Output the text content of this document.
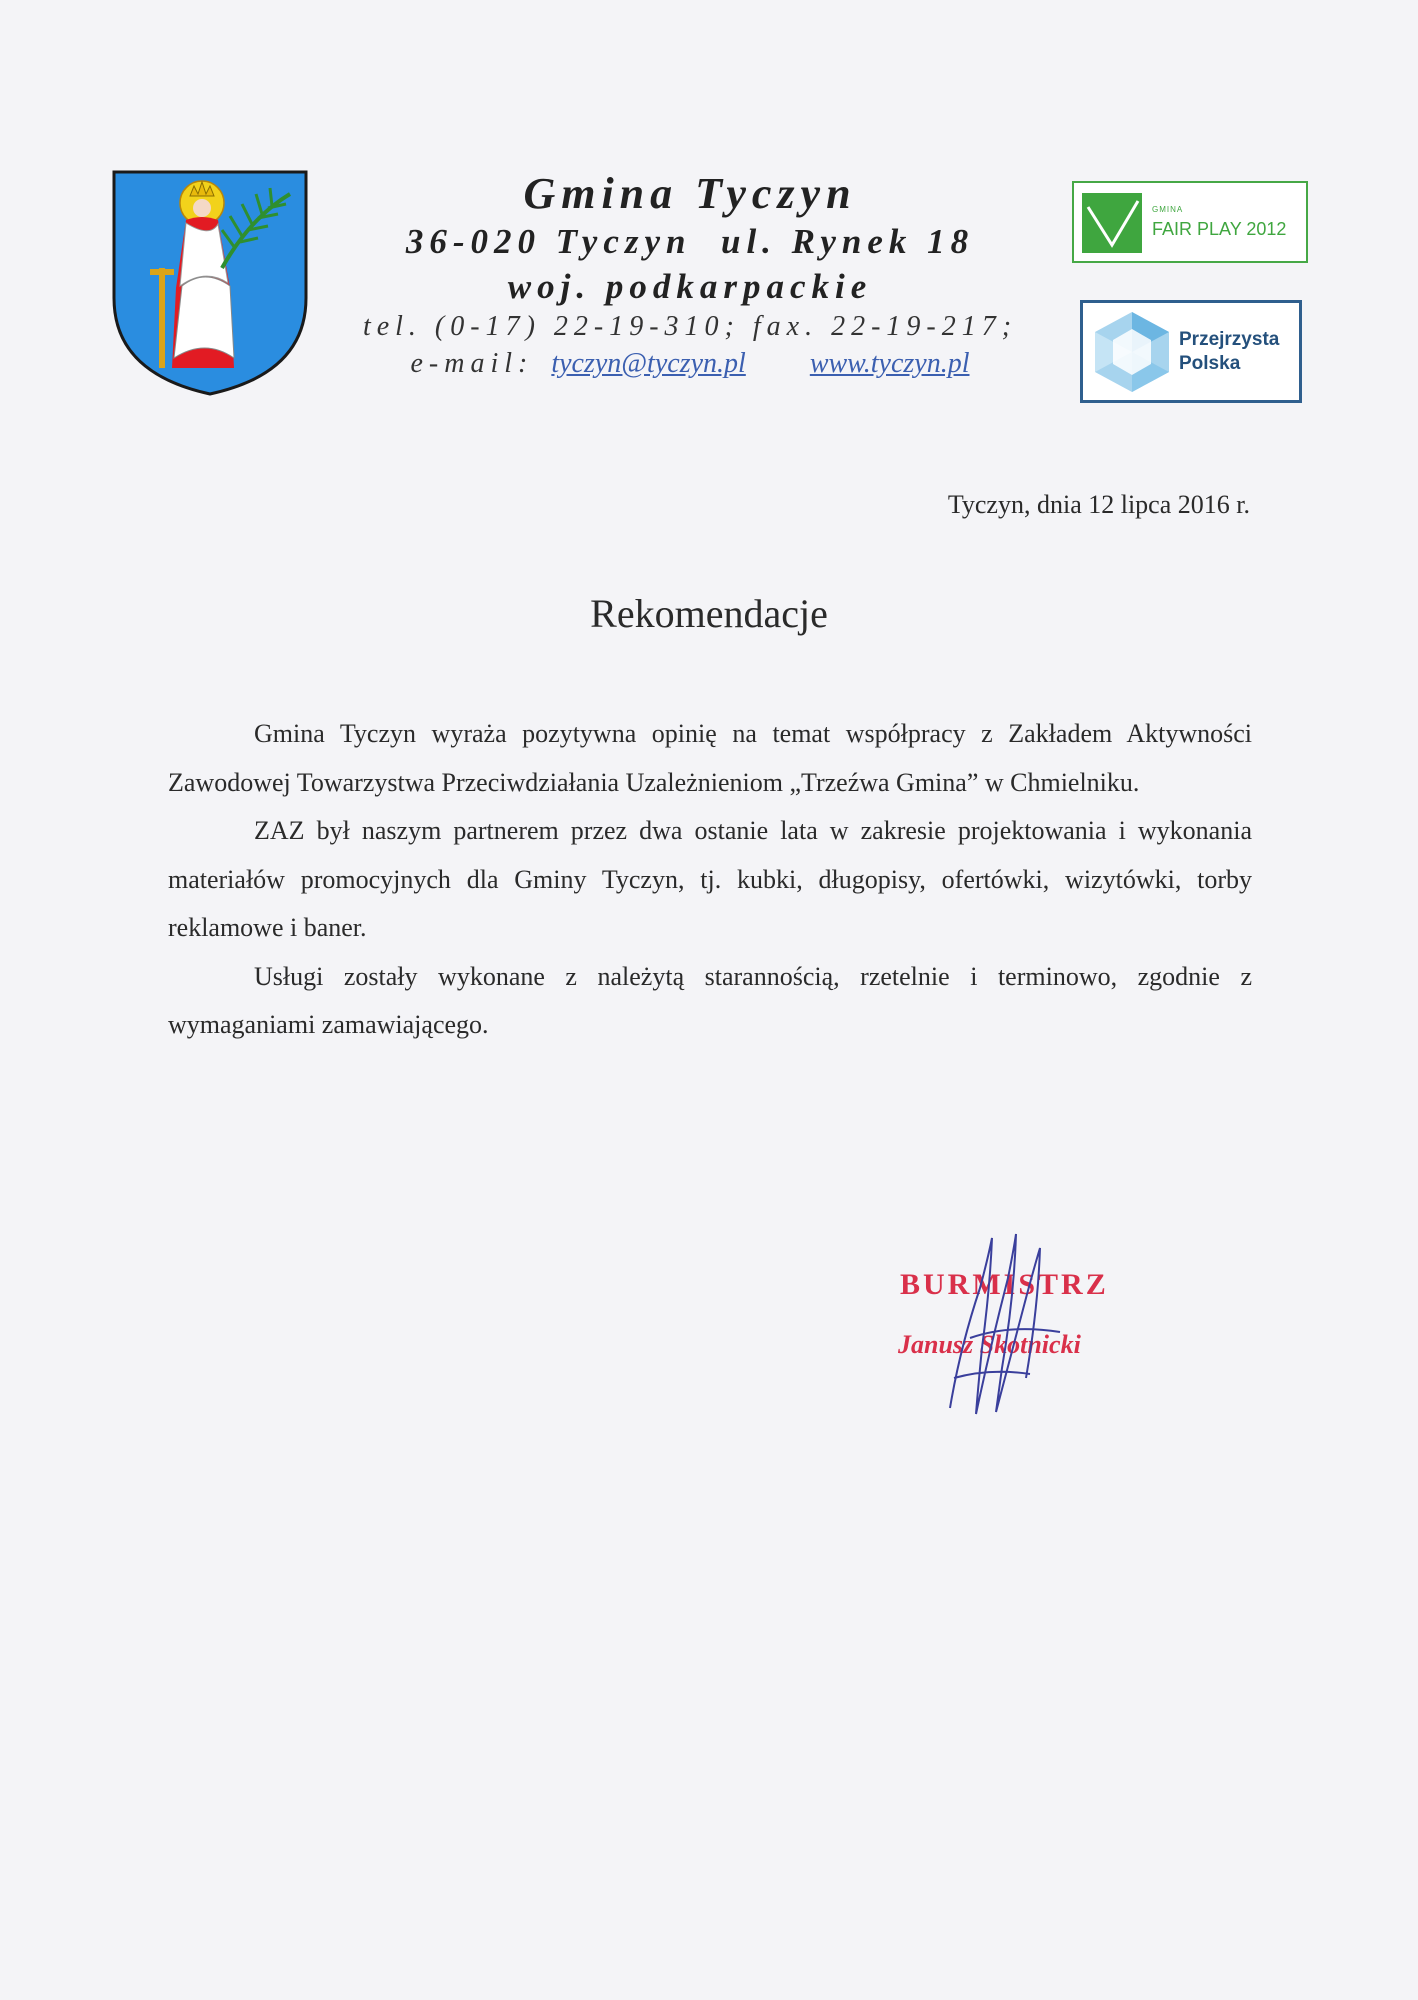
Gmina Tyczyn
36-020 Tyczyn  ul. Rynek 18
woj. podkarpackie
tel. (0-17) 22-19-310; fax. 22-19-217;
e-mail: tyczyn@tyczyn.pl www.tyczyn.pl
GMINA
FAIR PLAY 2012
Przejrzysta
Polska
Tyczyn, dnia 12 lipca 2016 r.
Rekomendacje

Gmina Tyczyn wyraża pozytywna opinię na temat współpracy z Zakładem Aktywności Zawodowej Towarzystwa Przeciwdziałania Uzależnieniom „Trzeźwa Gmina” w Chmielniku.

ZAZ był naszym partnerem przez dwa ostanie lata w zakresie projektowania i wykonania materiałów promocyjnych dla Gminy Tyczyn, tj. kubki, długopisy, ofertówki, wizytówki, torby reklamowe i baner.

Usługi zostały wykonane z należytą starannością, rzetelnie i terminowo, zgodnie z wymaganiami zamawiającego.

BURMISTRZ
Janusz Skotnicki
